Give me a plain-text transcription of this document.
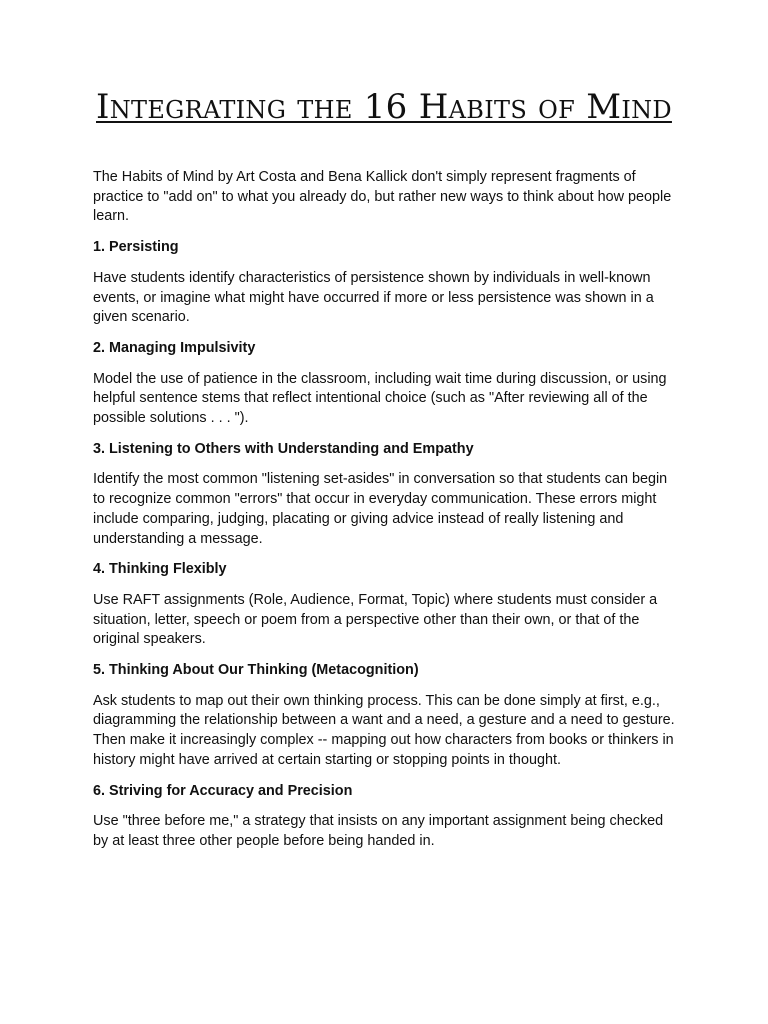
Integrating the 16 Habits of Mind

The Habits of Mind by Art Costa and Bena Kallick don't simply represent fragments of practice to "add on" to what you already do, but rather new ways to think about how people learn.

1. Persisting

Have students identify characteristics of persistence shown by individuals in well-known events, or imagine what might have occurred if more or less persistence was shown in a given scenario.

2. Managing Impulsivity

Model the use of patience in the classroom, including wait time during discussion, or using helpful sentence stems that reflect intentional choice (such as "After reviewing all of the possible solutions . . . ").

3. Listening to Others with Understanding and Empathy

Identify the most common "listening set-asides" in conversation so that students can begin to recognize common "errors" that occur in everyday communication. These errors might include comparing, judging, placating or giving advice instead of really listening and understanding a message.

4. Thinking Flexibly

Use RAFT assignments (Role, Audience, Format, Topic) where students must consider a situation, letter, speech or poem from a perspective other than their own, or that of the original speakers.

5. Thinking About Our Thinking (Metacognition)

Ask students to map out their own thinking process. This can be done simply at first, e.g., diagramming the relationship between a want and a need, a gesture and a need to gesture. Then make it increasingly complex -- mapping out how characters from books or thinkers in history might have arrived at certain starting or stopping points in thought.

6. Striving for Accuracy and Precision

Use "three before me," a strategy that insists on any important assignment being checked by at least three other people before being handed in.
